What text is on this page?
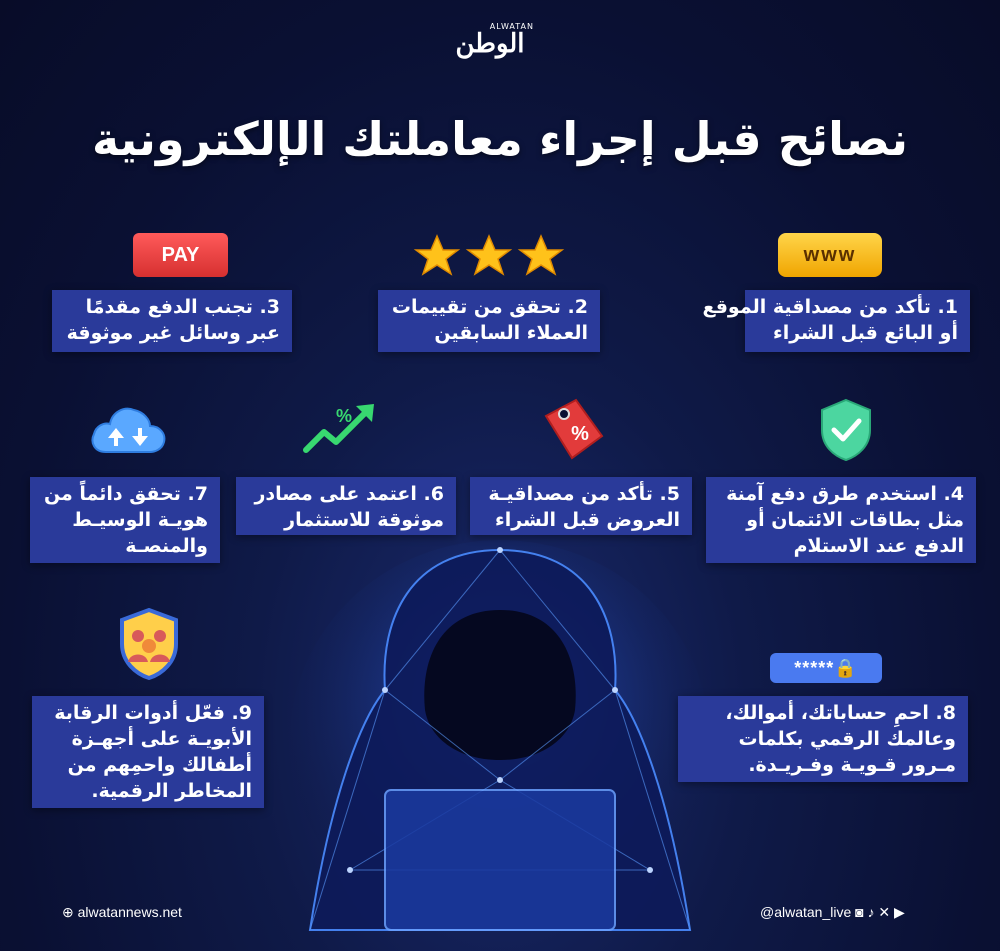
ALWATAN
الوطن
نصائح قبل إجراء معاملتك الإلكترونية
www
PAY
1. تأكد من مصداقية الموقع
أو البائع قبل الشراء
2. تحقق من تقييمات
العملاء السابقين
3. تجنب الدفع مقدمًا
عبر وسائل غير موثوقة
%
%
4. استخدم طرق دفع آمنة
مثل بطاقات الائتمان أو
الدفع عند الاستلام
5. تأكد من مصداقيـة
العروض قبل الشراء
6. اعتمد على مصادر
موثوقة للاستثمار
7. تحقق دائماً من
هويـة الوسيـط
والمنصـة
*****🔒
9. فعّل أدوات الرقابة
الأبويـة على أجهـزة
أطفالك واحمِهم من
المخاطر الرقمية.
8. احمِ حساباتك، أموالك،
وعالمك الرقمي بكلمات
مـرور قـويـة وفـريـدة.
⊕ alwatannews.net	@alwatan_live ◙ ♪ ✕ ▶
